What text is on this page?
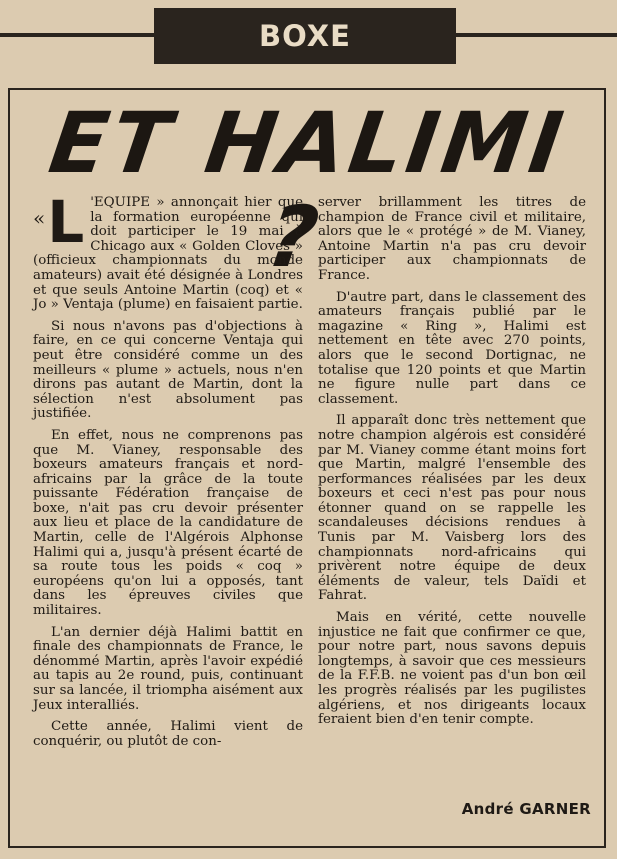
BOXE
ET HALIMI ?

« L 'EQUIPE » annonçait hier que la formation européenne qui doit participer le 19 mai à Chicago aux « Golden Cloves » (officieux championnats du monde amateurs) avait été désignée à Londres et que seuls Antoine Martin (coq) et « Jo » Ventaja (plume) en faisaient partie.

Si nous n'avons pas d'objections à faire, en ce qui concerne Ventaja qui peut être considéré comme un des meilleurs « plume » actuels, nous n'en dirons pas autant de Martin, dont la sélection n'est absolument pas justifiée.

En effet, nous ne comprenons pas que M. Vianey, responsable des boxeurs amateurs français et nord-africains par la grâce de la toute puissante Fédération française de boxe, n'ait pas cru devoir présenter aux lieu et place de la candidature de Martin, celle de l'Algérois Alphonse Halimi qui a, jusqu'à présent écarté de sa route tous les poids « coq » européens qu'on lui a opposés, tant dans les épreuves civiles que militaires.

L'an dernier déjà Halimi battit en finale des championnats de France, le dénommé Martin, après l'avoir expédié au tapis au 2e round, puis, continuant sur sa lancée, il triompha aisément aux Jeux interalliés.

Cette année, Halimi vient de conquérir, ou plutôt de con-

server brillamment les titres de champion de France civil et militaire, alors que le « protégé » de M. Vianey, Antoine Martin n'a pas cru devoir participer aux championnats de France.

D'autre part, dans le classement des amateurs français publié par le magazine « Ring », Halimi est nettement en tête avec 270 points, alors que le second Dortignac, ne totalise que 120 points et que Martin ne figure nulle part dans ce classement.

Il apparaît donc très nettement que notre champion algérois est considéré par M. Vianey comme étant moins fort que Martin, malgré l'ensemble des performances réalisées par les deux boxeurs et ceci n'est pas pour nous étonner quand on se rappelle les scandaleuses décisions rendues à Tunis par M. Vaisberg lors des championnats nord-africains qui privèrent notre équipe de deux éléments de valeur, tels Daïdi et Fahrat.

Mais en vérité, cette nouvelle injustice ne fait que confirmer ce que, pour notre part, nous savons depuis longtemps, à savoir que ces messieurs de la F.F.B. ne voient pas d'un bon œil les progrès réalisés par les pugilistes algériens, et nos dirigeants locaux feraient bien d'en tenir compte.

André GARNER
